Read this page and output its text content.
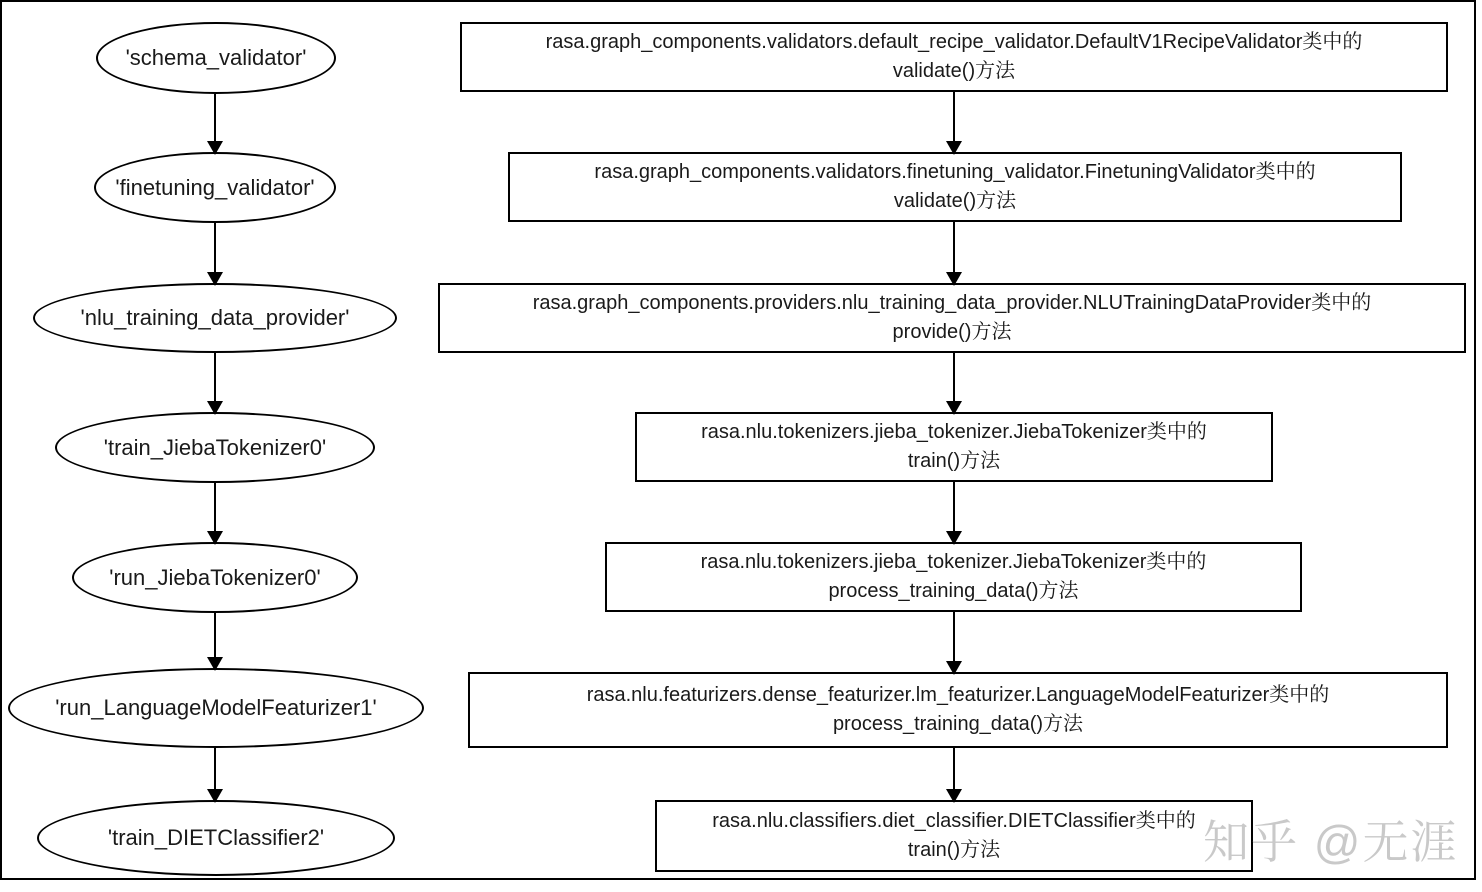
'schema_validator'
'finetuning_validator'
'nlu_training_data_provider'
'train_JiebaTokenizer0'
'run_JiebaTokenizer0'
'run_LanguageModelFeaturizer1'
'train_DIETClassifier2'
rasa.graph_components.validators.default_recipe_validator.DefaultV1RecipeValidator类中的
validate()方法
rasa.graph_components.validators.finetuning_validator.FinetuningValidator类中的
validate()方法
rasa.graph_components.providers.nlu_training_data_provider.NLUTrainingDataProvider类中的
provide()方法
rasa.nlu.tokenizers.jieba_tokenizer.JiebaTokenizer类中的
train()方法
rasa.nlu.tokenizers.jieba_tokenizer.JiebaTokenizer类中的
process_training_data()方法
rasa.nlu.featurizers.dense_featurizer.lm_featurizer.LanguageModelFeaturizer类中的
process_training_data()方法
rasa.nlu.classifiers.diet_classifier.DIETClassifier类中的
train()方法	知乎 @无涯
